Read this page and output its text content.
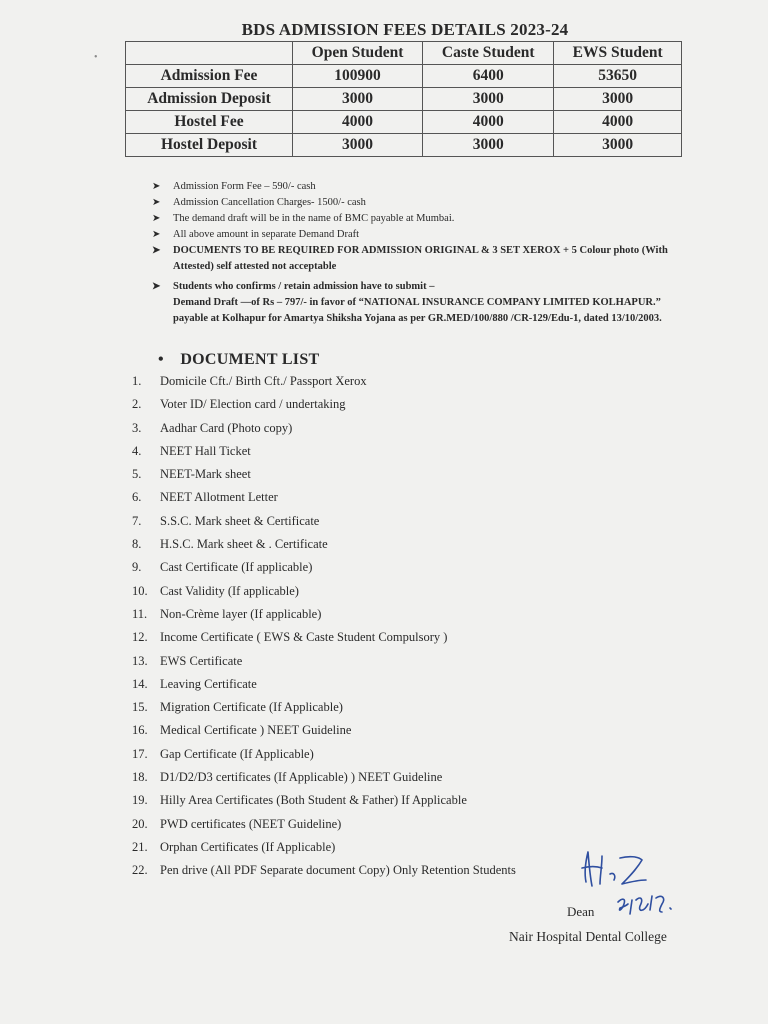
BDS ADMISSION FEES DETAILS 2023-24
	Open Student	Caste Student	EWS Student
Admission Fee	100900	6400	53650
Admission Deposit	3000	3000	3000
Hostel Fee	4000	4000	4000
Hostel Deposit	3000	3000	3000
➤ Admission Form Fee – 590/- cash
➤ Admission Cancellation Charges- 1500/- cash
➤ The demand draft will be in the name of BMC payable at Mumbai.
➤ All above amount in separate Demand Draft
➤ DOCUMENTS TO BE REQUIRED FOR ADMISSION ORIGINAL & 3 SET XEROX + 5 Colour photo (With Attested) self attested not acceptable
➤ Students who confirms / retain admission have to submit –
Demand Draft —of Rs – 797/- in favor of “NATIONAL INSURANCE COMPANY LIMITED KOLHAPUR.” payable at Kolhapur for Amartya Shiksha Yojana as per GR.MED/100/880 /CR-129/Edu-1, dated 13/10/2003.
• DOCUMENT LIST
1.	Domicile Cft./ Birth Cft./ Passport Xerox
2.	Voter ID/ Election card / undertaking
3.	Aadhar Card (Photo copy)
4.	NEET Hall Ticket
5.	NEET-Mark sheet
6.	NEET Allotment Letter
7.	S.S.C. Mark sheet & Certificate
8.	H.S.C. Mark sheet & . Certificate
9.	Cast Certificate (If applicable)
10. Cast Validity (If applicable)
11.	Non-Crème layer (If applicable)
12. Income Certificate ( EWS & Caste Student Compulsory )
13. EWS Certificate
14. Leaving Certificate
15. Migration Certificate (If Applicable)
16. Medical Certificate ) NEET Guideline
17. Gap Certificate (If Applicable)
18. D1/D2/D3 certificates (If Applicable) ) NEET Guideline
19. Hilly Area Certificates (Both Student & Father) If Applicable
20. PWD certificates (NEET Guideline)
21. Orphan Certificates (If Applicable)
22. Pen drive (All PDF Separate document Copy) Only Retention Students
Dean
Nair Hospital Dental College
•
